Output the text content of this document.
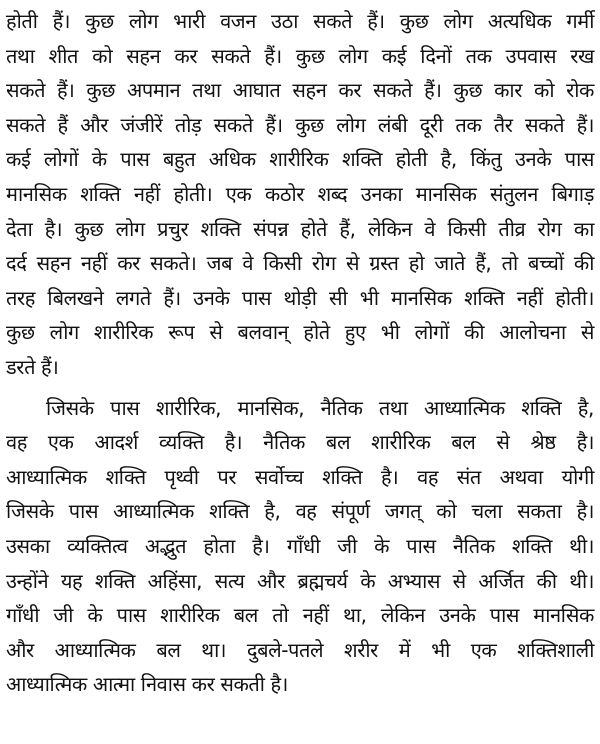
होती हैं। कुछ लोग भारी वजन उठा सकते हैं। कुछ लोग अत्यधिक गर्मी
तथा शीत को सहन कर सकते हैं। कुछ लोग कई दिनों तक उपवास रख
सकते हैं। कुछ अपमान तथा आघात सहन कर सकते हैं। कुछ कार को रोक
सकते हैं और जंजीरें तोड़ सकते हैं। कुछ लोग लंबी दूरी तक तैर सकते हैं।
कई लोगों के पास बहुत अधिक शारीरिक शक्ति होती है, किंतु उनके पास
मानसिक शक्ति नहीं होती। एक कठोर शब्द उनका मानसिक संतुलन बिगाड़
देता है। कुछ लोग प्रचुर शक्ति संपन्न होते हैं, लेकिन वे किसी तीव्र रोग का
दर्द सहन नहीं कर सकते। जब वे किसी रोग से ग्रस्त हो जाते हैं, तो बच्चों की
तरह बिलखने लगते हैं। उनके पास थोड़ी सी भी मानसिक शक्ति नहीं होती।
कुछ लोग शारीरिक रूप से बलवान् होते हुए भी लोगों की आलोचना से
डरते हैं।
जिसके पास शारीरिक, मानसिक, नैतिक तथा आध्यात्मिक शक्ति है,
वह एक आदर्श व्यक्ति है। नैतिक बल शारीरिक बल से श्रेष्ठ है।
आध्यात्मिक शक्ति पृथ्वी पर सर्वोच्च शक्ति है। वह संत अथवा योगी
जिसके पास आध्यात्मिक शक्ति है, वह संपूर्ण जगत् को चला सकता है।
उसका व्यक्तित्व अद्भुत होता है। गाँधी जी के पास नैतिक शक्ति थी।
उन्होंने यह शक्ति अहिंसा, सत्य और ब्रह्मचर्य के अभ्यास से अर्जित की थी।
गाँधी जी के पास शारीरिक बल तो नहीं था, लेकिन उनके पास मानसिक
और आध्यात्मिक बल था। दुबले-पतले शरीर में भी एक शक्तिशाली
आध्यात्मिक आत्मा निवास कर सकती है।
